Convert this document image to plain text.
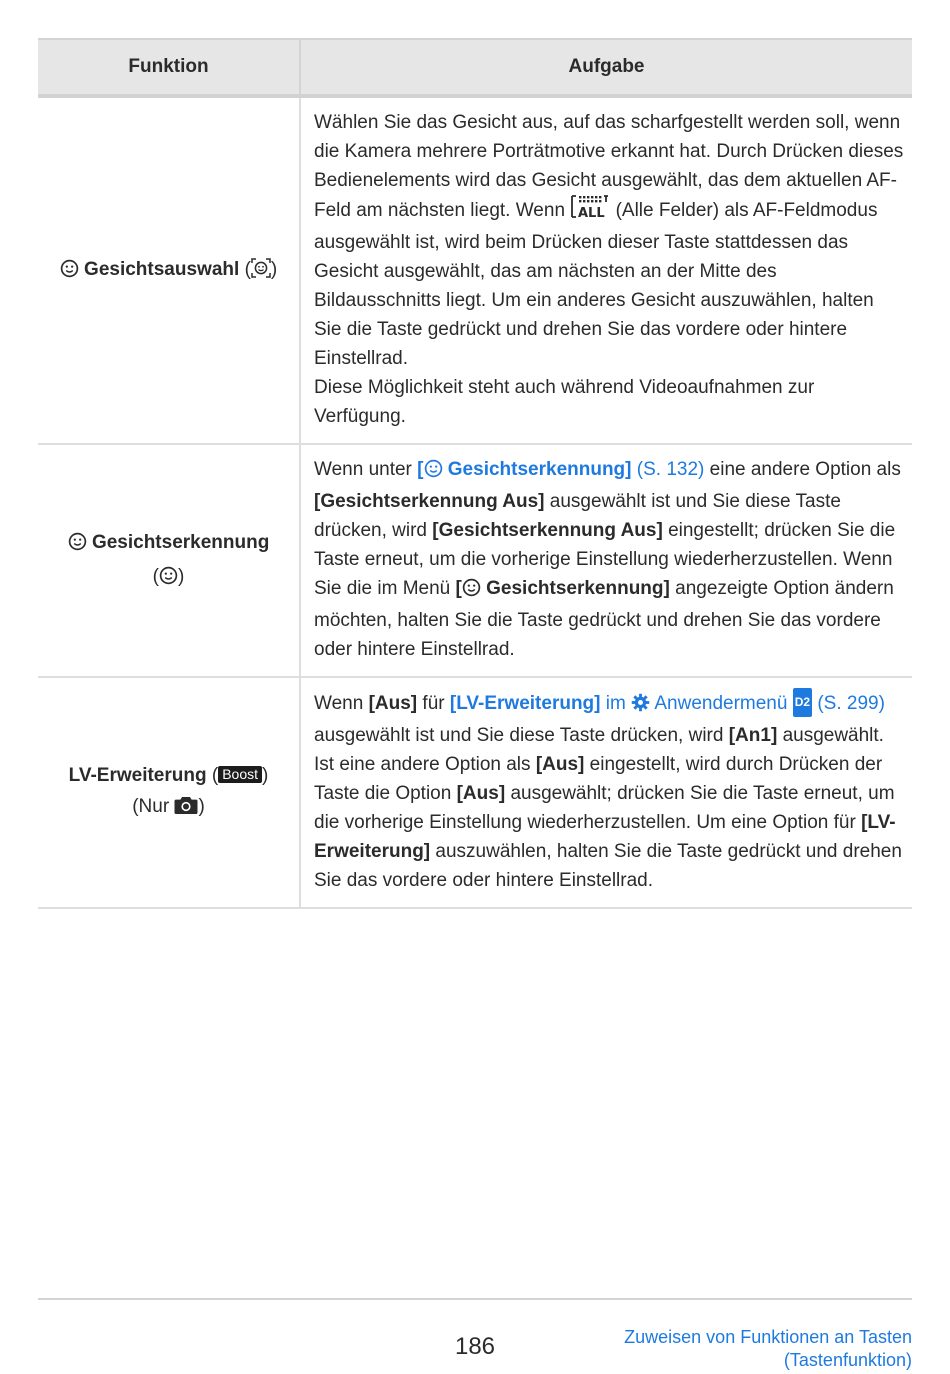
Funktion	Aufgabe
Gesichtsauswahl ( )	Wählen Sie das Gesicht aus, auf das scharfgestellt werden soll, wenn die Kamera mehrere Porträtmotive erkannt hat. Durch Drücken dieses Bedienelements wird das Gesicht ausgewählt, das dem aktuellen AF-Feld am nächsten liegt. Wenn ALL (Alle Felder) als AF-Feldmodus ausgewählt ist, wird beim Drücken dieser Taste stattdessen das Gesicht ausgewählt, das am nächsten an der Mitte des Bildausschnitts liegt. Um ein anderes Gesicht auszuwählen, halten Sie die Taste gedrückt und drehen Sie das vordere oder hintere Einstellrad.
Diese Möglichkeit steht auch während Videoaufnahmen zur Verfügung.
Gesichtserkennung
( )	Wenn unter [ Gesichtserkennung] (S. 132) eine andere Option als [Gesichtserkennung Aus] ausgewählt ist und Sie diese Taste drücken, wird [Gesichtserkennung Aus] eingestellt; drücken Sie die Taste erneut, um die vorherige Einstellung wiederherzustellen. Wenn Sie die im Menü [ Gesichtserkennung] angezeigte Option ändern möchten, halten Sie die Taste gedrückt und drehen Sie das vordere oder hintere Einstellrad.
LV-Erweiterung ( Boost )
(Nur )	Wenn [Aus] für [LV-Erweiterung] im Anwendermenü D2 (S. 299) ausgewählt ist und Sie diese Taste drücken, wird [An1] ausgewählt. Ist eine andere Option als [Aus] eingestellt, wird durch Drücken der Taste die Option [Aus] ausgewählt; drücken Sie die Taste erneut, um die vorherige Einstellung wiederherzustellen. Um eine Option für [LV-Erweiterung] auszuwählen, halten Sie die Taste gedrückt und drehen Sie das vordere oder hintere Einstellrad.
186	Zuweisen von Funktionen an Tasten
(Tastenfunktion)
